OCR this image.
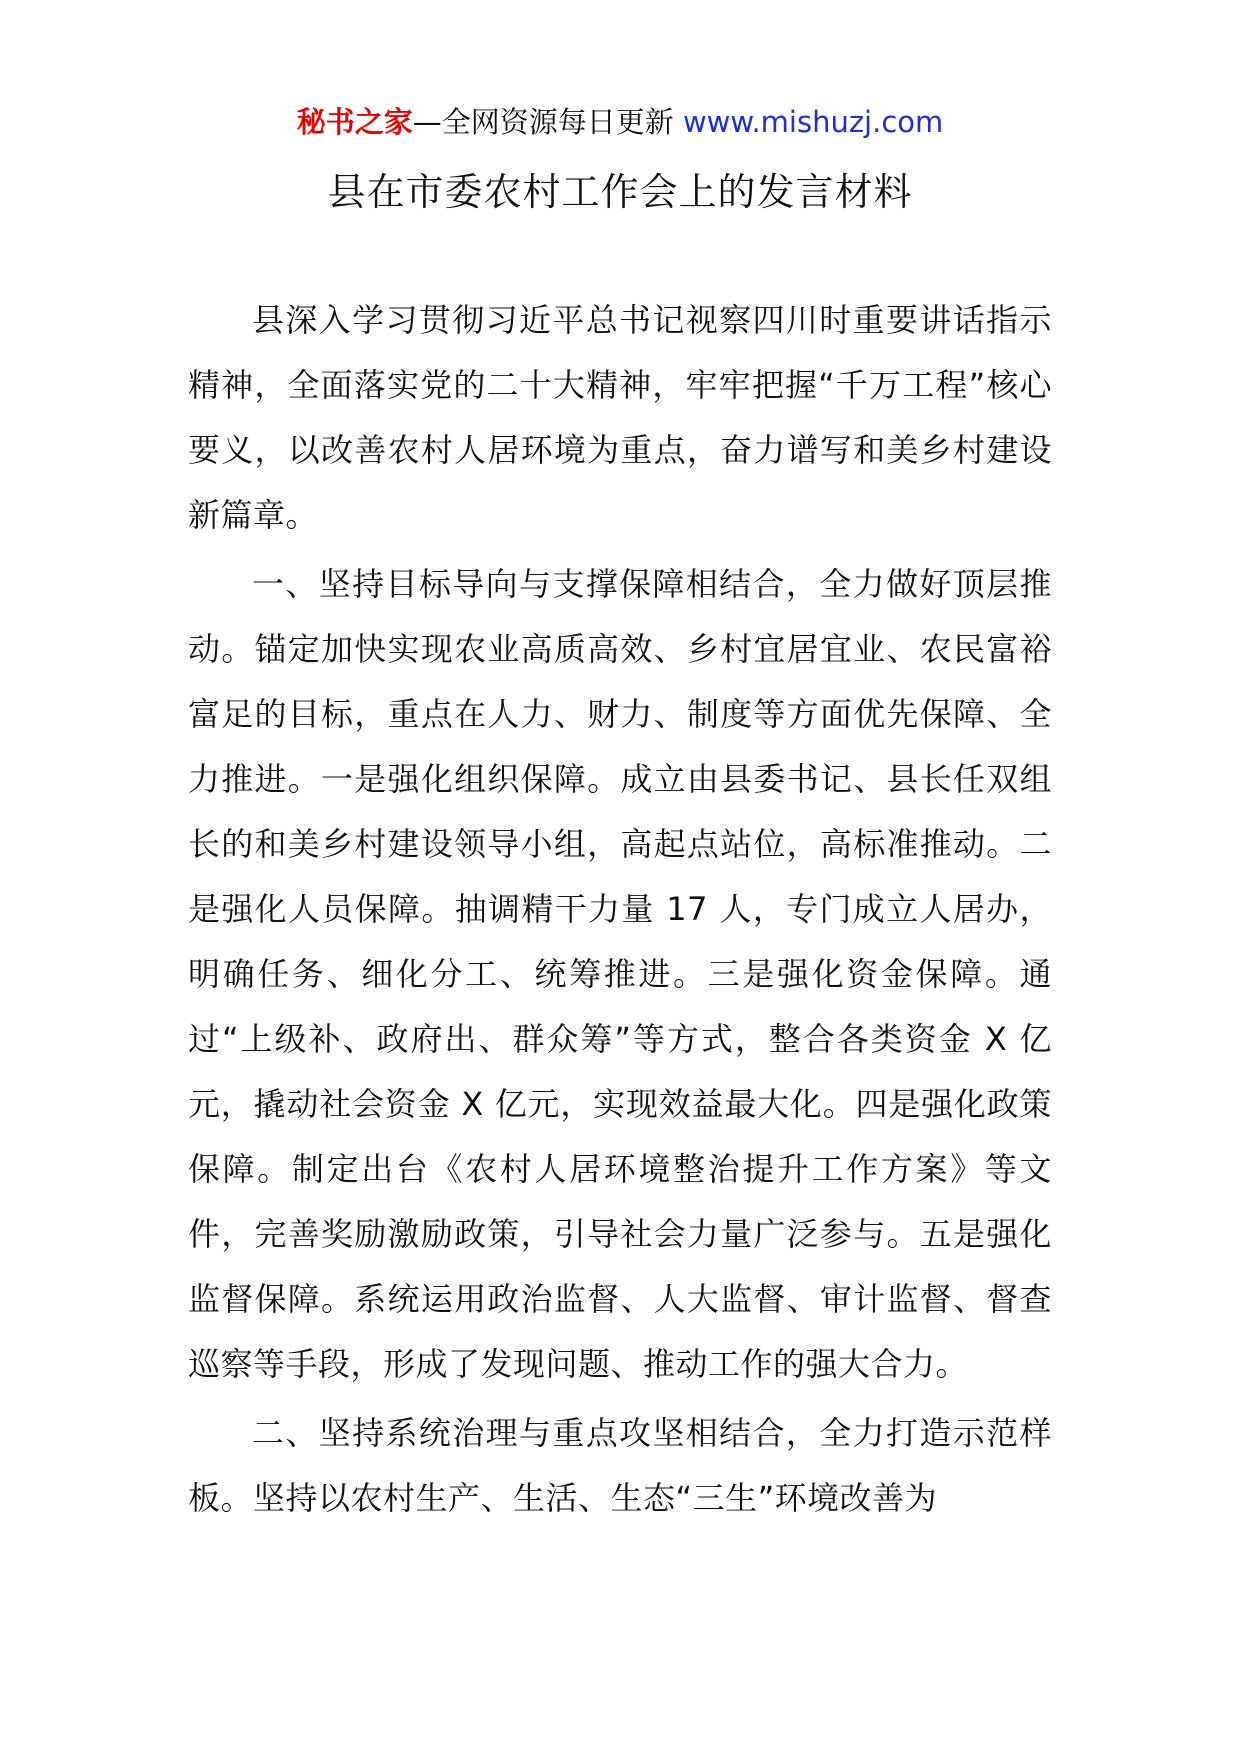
秘书之家—全网资源每日更新 www.mishuzj.com
县在市委农村工作会上的发言材料

县深入学习贯彻习近平总书记视察四川时重要讲话指示精神，全面落实党的二十大精神，牢牢把握“千万工程”核心要义，以改善农村人居环境为重点，奋力谱写和美乡村建设新篇章。

一、坚持目标导向与支撑保障相结合，全力做好顶层推动。锚定加快实现农业高质高效、乡村宜居宜业、农民富裕富足的目标，重点在人力、财力、制度等方面优先保障、全力推进。一是强化组织保障。成立由县委书记、县长任双组长的和美乡村建设领导小组，高起点站位，高标准推动。二是强化人员保障。抽调精干力量 17 人，专门成立人居办，明确任务、细化分工、统筹推进。三是强化资金保障。通过“上级补、政府出、群众筹”等方式，整合各类资金 X 亿元，撬动社会资金 X 亿元，实现效益最大化。四是强化政策保障。制定出台《农村人居环境整治提升工作方案》等文件，完善奖励激励政策，引导社会力量广泛参与。五是强化监督保障。系统运用政治监督、人大监督、审计监督、督查巡察等手段，形成了发现问题、推动工作的强大合力。

二、坚持系统治理与重点攻坚相结合，全力打造示范样板。坚持以农村生产、生活、生态“三生”环境改善为
